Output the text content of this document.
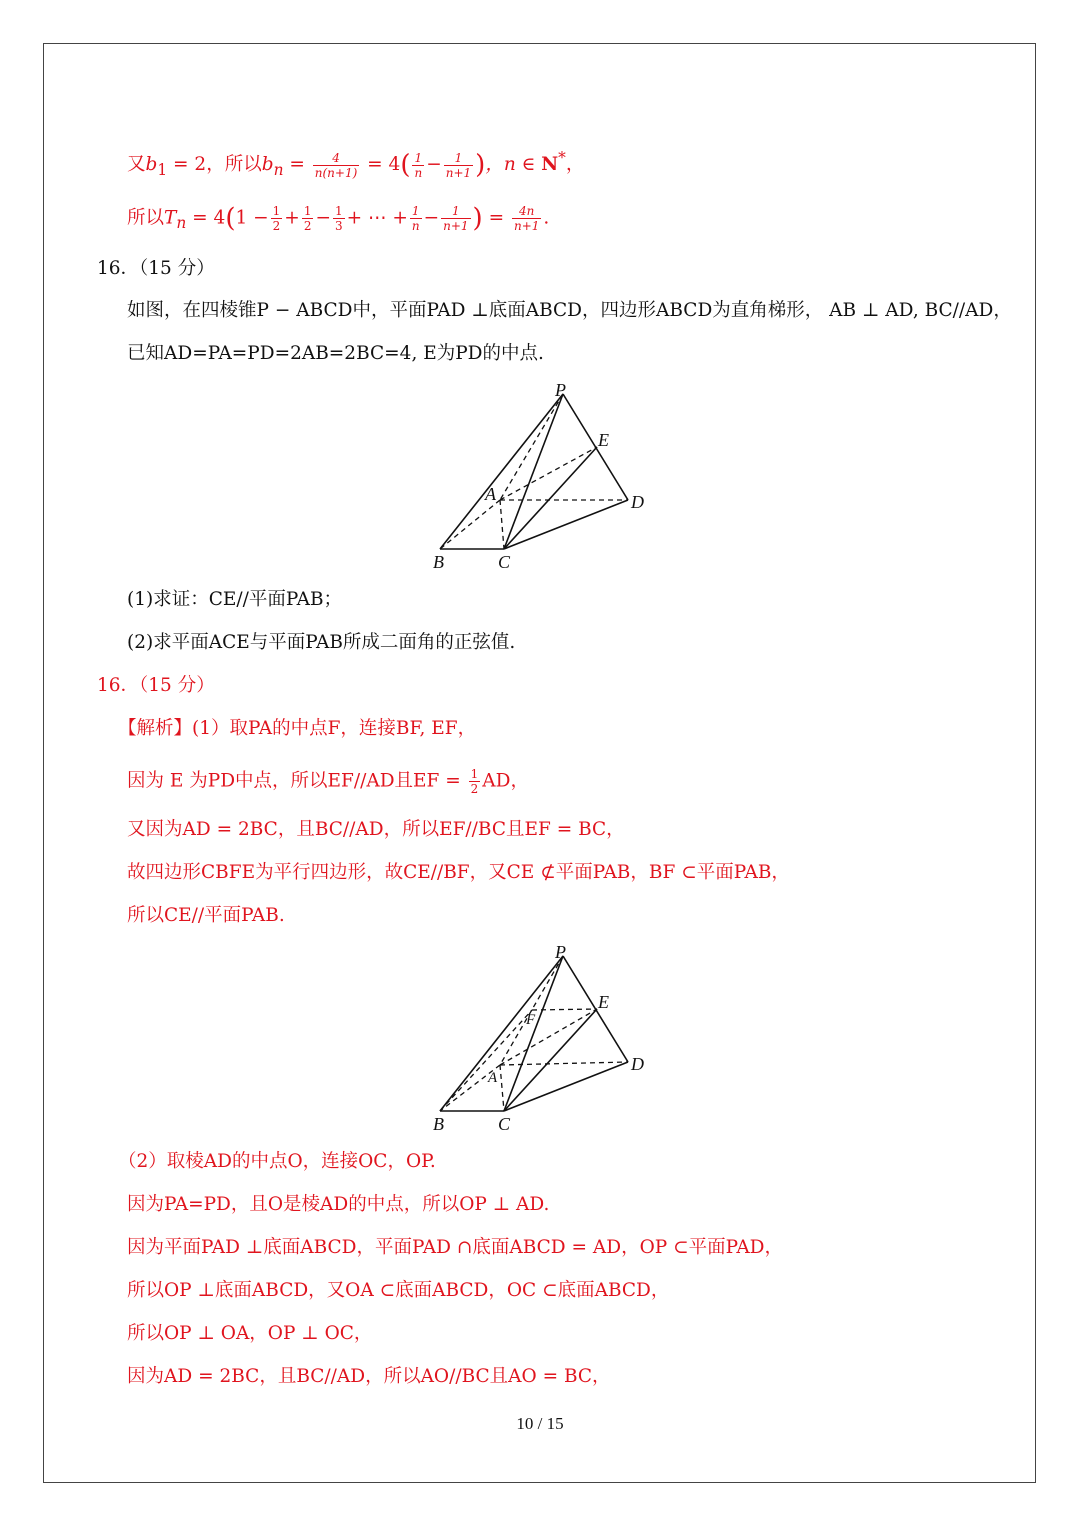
又$b_1 = 2$，所以$b_n = \frac{4}{n(n+1)} = 4( \frac{1}{n} - \frac{1}{n+1}$ )，n ∈ N*，
所以$T_n = 4(1 - \frac{1}{2} + \frac{1}{2} - \frac{1}{3}$ + ⋯ + $\frac{1}{n} - \frac{1}{n+1}$ ) = $\frac{4n}{n+1}$ .
16．（15 分）
如图，在四棱锥P − ABCD中，平面PAD ⊥底面ABCD，四边形ABCD为直角梯形， AB ⊥ AD, BC//AD，
已知AD=PA=PD=2AB=2BC=4, E为PD的中点.
P
E
A	D
B	C
(1)求证：CE//平面PAB；
(2)求平面ACE与平面PAB所成二面角的正弦值.
16．（15 分）
【解析】(1）取PA的中点F，连接BF, EF，
因为 E 为PD中点，所以EF//AD且EF = $\frac{1}{2}$ AD，
又因为AD = 2BC，且BC//AD，所以EF//BC且EF = BC，
故四边形CBFE为平行四边形，故CE//BF，又CE ⊄平面PAB，BF ⊂平面PAB，
所以CE//平面PAB.
P
E
F
A
D
B	C
（2）取棱AD的中点O，连接OC，OP.
因为PA=PD，且O是棱AD的中点，所以OP ⊥ AD.
因为平面PAD ⊥底面ABCD，平面PAD ∩底面ABCD = AD，OP ⊂平面PAD，
所以OP ⊥底面ABCD，又OA ⊂底面ABCD，OC ⊂底面ABCD，
所以OP ⊥ OA，OP ⊥ OC，
因为AD = 2BC，且BC//AD，所以AO//BC且AO = BC，
10 / 15
